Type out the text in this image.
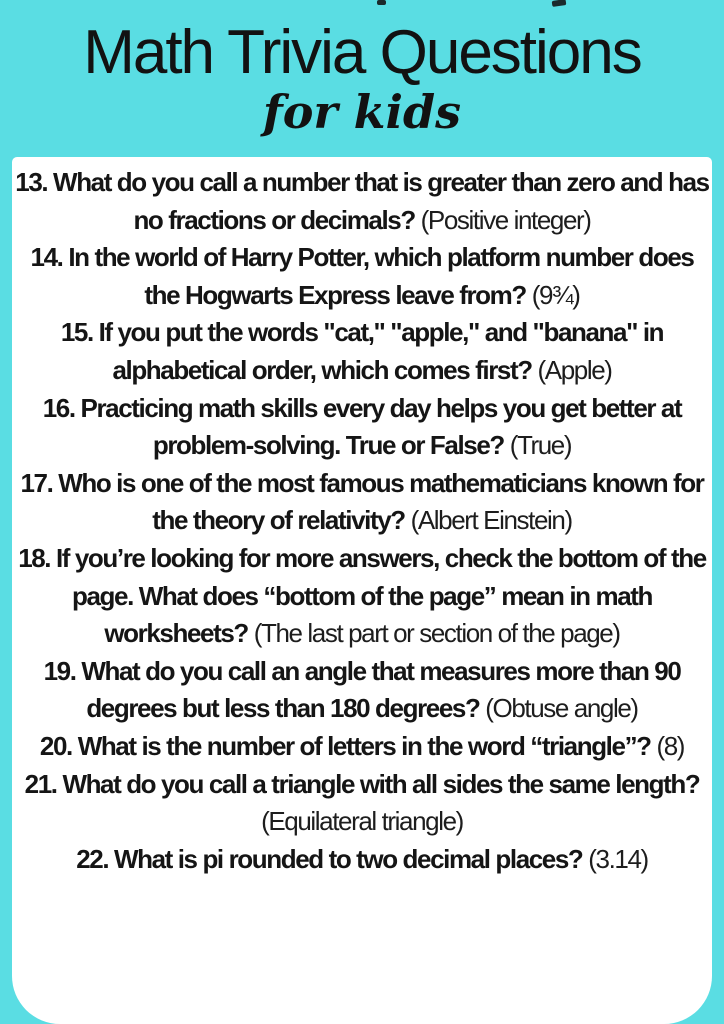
Math Trivia Questions
for kids

13. What do you call a number that is greater than zero and has no fractions or decimals? (Positive integer)

14. In the world of Harry Potter, which platform number does the Hogwarts Express leave from? (9¾)

15. If you put the words "cat," "apple," and "banana" in alphabetical order, which comes first? (Apple)

16. Practicing math skills every day helps you get better at problem-solving. True or False? (True)

17. Who is one of the most famous mathematicians known for the theory of relativity? (Albert Einstein)

18. If you’re looking for more answers, check the bottom of the page. What does “bottom of the page” mean in math worksheets? (The last part or section of the page)

19. What do you call an angle that measures more than 90 degrees but less than 180 degrees? (Obtuse angle)

20. What is the number of letters in the word “triangle”? (8)

21. What do you call a triangle with all sides the same length? (Equilateral triangle)

22. What is pi rounded to two decimal places? (3.14)
